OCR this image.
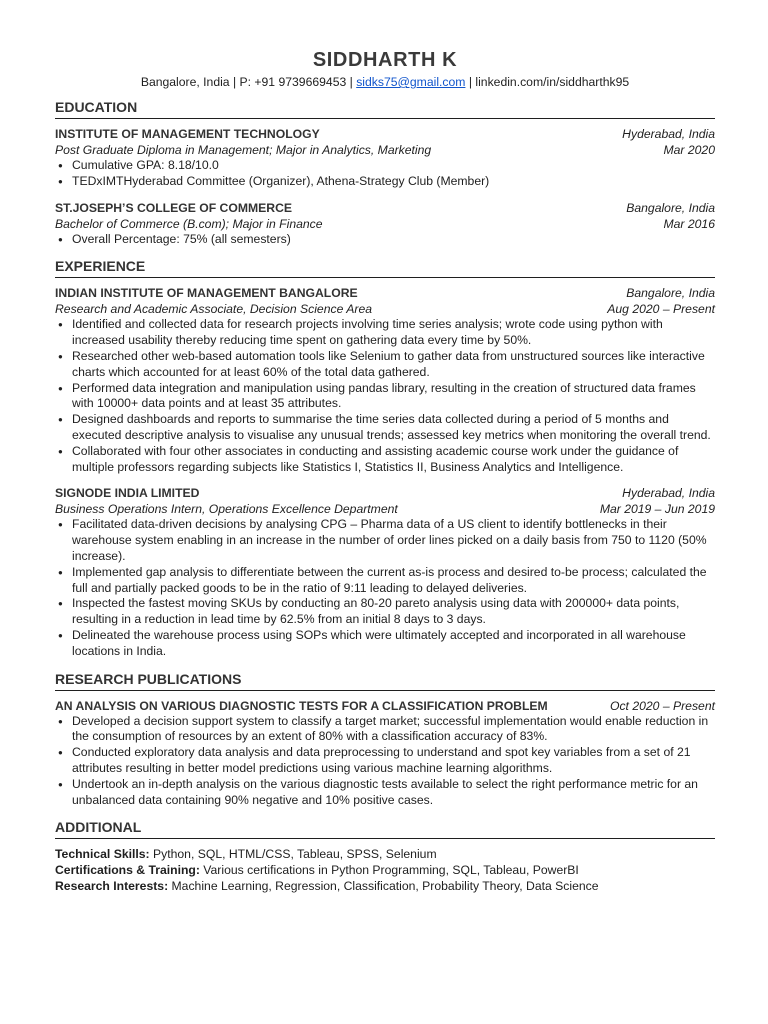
SIDDHARTH K
Bangalore, India | P: +91 9739669453 | sidks75@gmail.com | linkedin.com/in/siddharthk95
EDUCATION
INSTITUTE OF MANAGEMENT TECHNOLOGY	Hyderabad, India
Post Graduate Diploma in Management; Major in Analytics, Marketing	Mar 2020
● Cumulative GPA: 8.18/10.0
● TEDxIMTHyderabad Committee (Organizer), Athena-Strategy Club (Member)
ST.JOSEPH’S COLLEGE OF COMMERCE	Bangalore, India
Bachelor of Commerce (B.com); Major in Finance	Mar 2016
● Overall Percentage: 75% (all semesters)
EXPERIENCE
INDIAN INSTITUTE OF MANAGEMENT BANGALORE	Bangalore, India
Research and Academic Associate, Decision Science Area	Aug 2020 – Present
● Identified and collected data for research projects involving time series analysis; wrote code using python with increased usability thereby reducing time spent on gathering data every time by 50%.
● Researched other web-based automation tools like Selenium to gather data from unstructured sources like interactive charts which accounted for at least 60% of the total data gathered.
● Performed data integration and manipulation using pandas library, resulting in the creation of structured data frames with 10000+ data points and at least 35 attributes.
● Designed dashboards and reports to summarise the time series data collected during a period of 5 months and executed descriptive analysis to visualise any unusual trends; assessed key metrics when monitoring the overall trend.
● Collaborated with four other associates in conducting and assisting academic course work under the guidance of multiple professors regarding subjects like Statistics I, Statistics II, Business Analytics and Intelligence.
SIGNODE INDIA LIMITED	Hyderabad, India
Business Operations Intern, Operations Excellence Department	Mar 2019 – Jun 2019
● Facilitated data-driven decisions by analysing CPG – Pharma data of a US client to identify bottlenecks in their warehouse system enabling in an increase in the number of order lines picked on a daily basis from 750 to 1120 (50% increase).
● Implemented gap analysis to differentiate between the current as-is process and desired to-be process; calculated the full and partially packed goods to be in the ratio of 9:11 leading to delayed deliveries.
● Inspected the fastest moving SKUs by conducting an 80-20 pareto analysis using data with 200000+ data points, resulting in a reduction in lead time by 62.5% from an initial 8 days to 3 days.
● Delineated the warehouse process using SOPs which were ultimately accepted and incorporated in all warehouse locations in India.
RESEARCH PUBLICATIONS
AN ANALYSIS ON VARIOUS DIAGNOSTIC TESTS FOR A CLASSIFICATION PROBLEM	Oct 2020 – Present
● Developed a decision support system to classify a target market; successful implementation would enable reduction in the consumption of resources by an extent of 80% with a classification accuracy of 83%.
● Conducted exploratory data analysis and data preprocessing to understand and spot key variables from a set of 21 attributes resulting in better model predictions using various machine learning algorithms.
● Undertook an in-depth analysis on the various diagnostic tests available to select the right performance metric for an unbalanced data containing 90% negative and 10% positive cases.
ADDITIONAL
Technical Skills: Python, SQL, HTML/CSS, Tableau, SPSS, Selenium
Certifications & Training: Various certifications in Python Programming, SQL, Tableau, PowerBI
Research Interests: Machine Learning, Regression, Classification, Probability Theory, Data Science
